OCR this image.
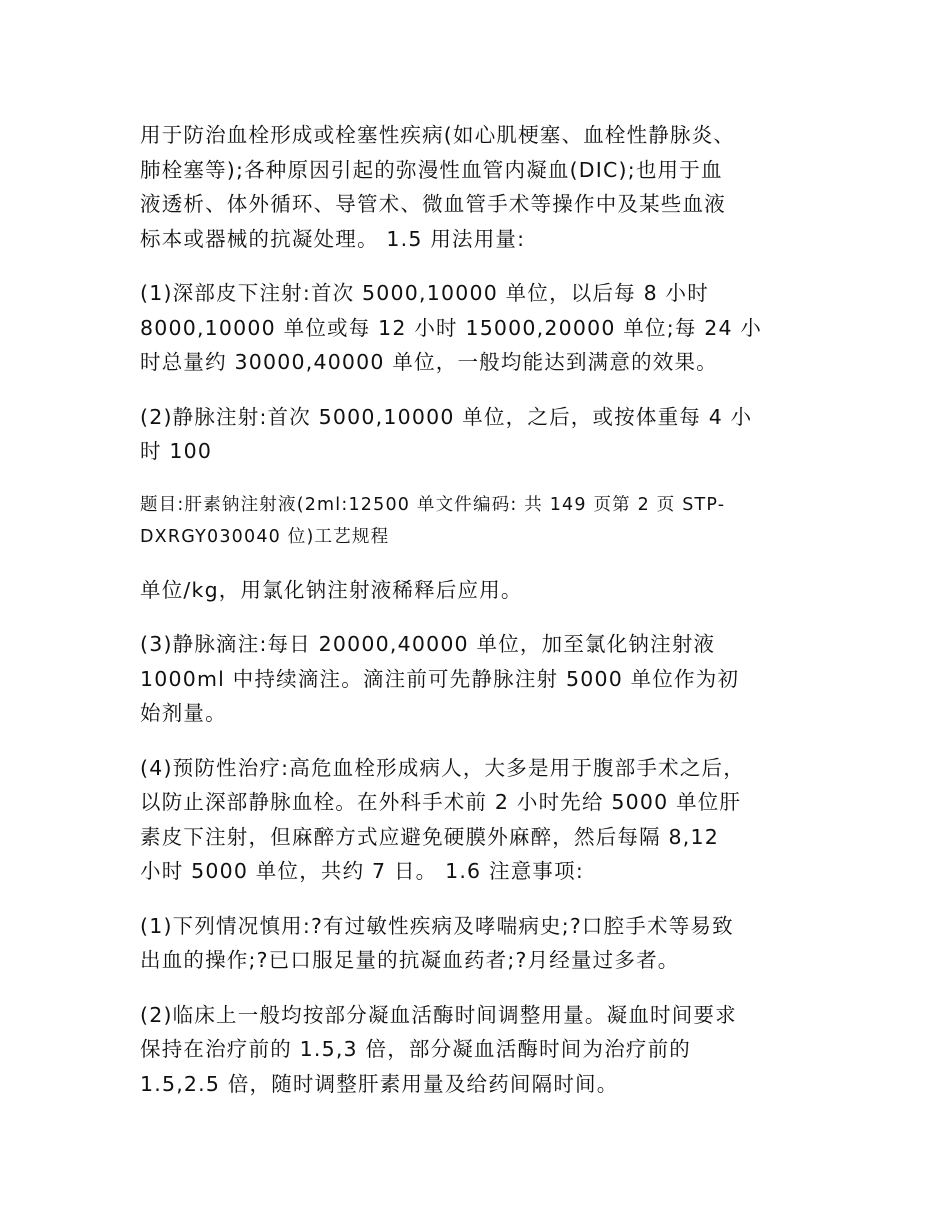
用于防治血栓形成或栓塞性疾病(如心肌梗塞、血栓性静脉炎、
肺栓塞等);各种原因引起的弥漫性血管内凝血(DIC);也用于血
液透析、体外循环、导管术、微血管手术等操作中及某些血液
标本或器械的抗凝处理。 1.5 用法用量:
(1)深部皮下注射:首次 5000,10000 单位，以后每 8 小时
8000,10000 单位或每 12 小时 15000,20000 单位;每 24 小
时总量约 30000,40000 单位，一般均能达到满意的效果。
(2)静脉注射:首次 5000,10000 单位，之后，或按体重每 4 小
时 100
题目:肝素钠注射液(2ml:12500 单文件编码: 共 149 页第 2 页 STP-
DXRGY030040 位)工艺规程
单位/kg，用氯化钠注射液稀释后应用。
(3)静脉滴注:每日 20000,40000 单位，加至氯化钠注射液
1000ml 中持续滴注。滴注前可先静脉注射 5000 单位作为初
始剂量。
(4)预防性治疗:高危血栓形成病人，大多是用于腹部手术之后，
以防止深部静脉血栓。在外科手术前 2 小时先给 5000 单位肝
素皮下注射，但麻醉方式应避免硬膜外麻醉，然后每隔 8,12
小时 5000 单位，共约 7 日。 1.6 注意事项:
(1)下列情况慎用:?有过敏性疾病及哮喘病史;?口腔手术等易致
出血的操作;?已口服足量的抗凝血药者;?月经量过多者。
(2)临床上一般均按部分凝血活酶时间调整用量。凝血时间要求
保持在治疗前的 1.5,3 倍，部分凝血活酶时间为治疗前的
1.5,2.5 倍，随时调整肝素用量及给药间隔时间。
